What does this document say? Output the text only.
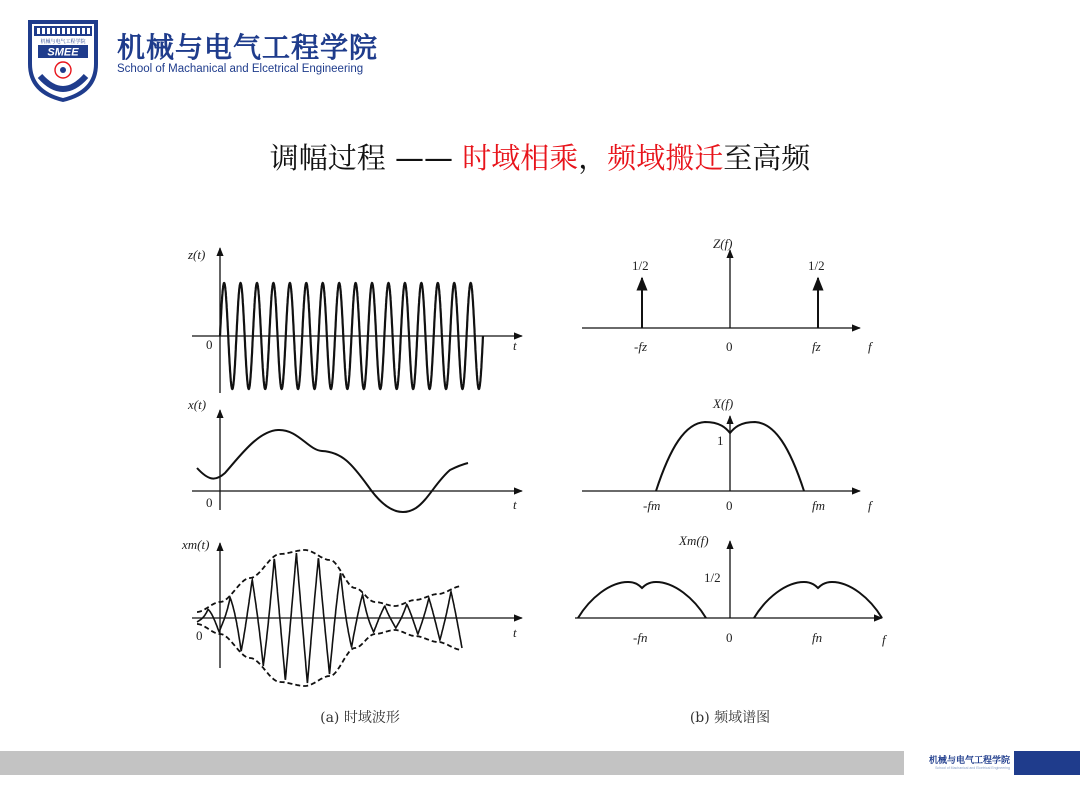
机械与电气工程学院
SMEE 机械与电气工程学院
School of Machanical and Elcetrical Engineering
调幅过程 —— 时域相乘，频域搬迁至高频
z(t)
0	t
x(t)
0	t
xm(t)
0	t
(a) 时域波形
Z(f)
1/2	1/2
-fz	0	fz	f
X(f)
1
-fm	0	fm	f
Xm(f)
1/2
-fn	0	fn	f
(b) 频域谱图
机械与电气工程学院
School of Machanical and Elcetrical Engineering
